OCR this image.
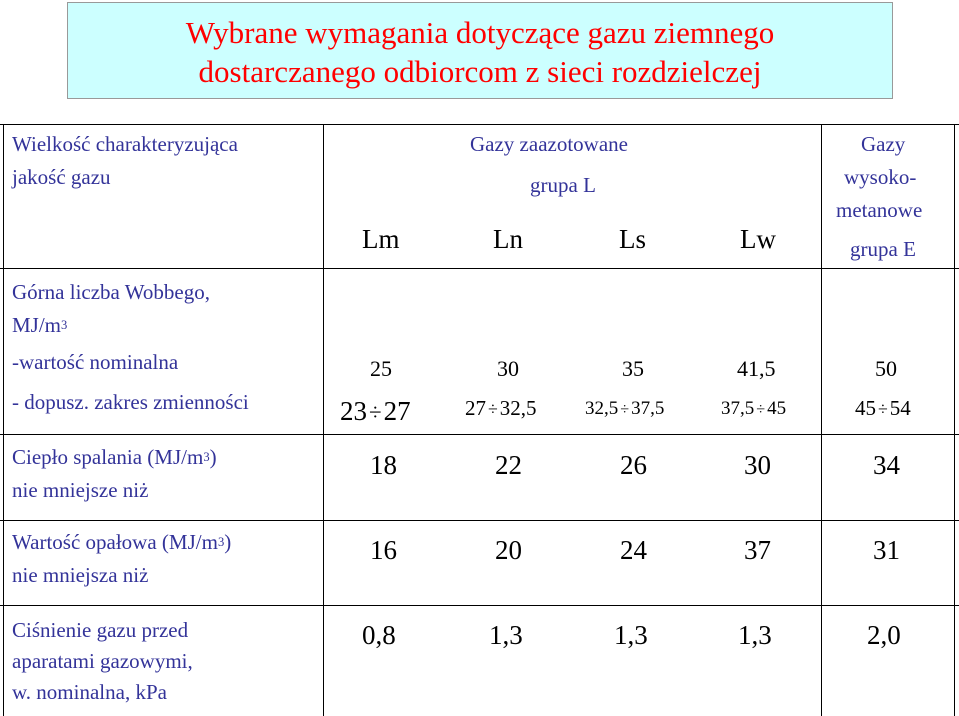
Wybrane wymagania dotyczące gazu ziemnego
dostarczanego odbiorcom z sieci rozdzielczej
Wielkość charakteryzująca
jakość gazu
Gazy zaazotowane
grupa L
Lm	Ln	Ls	Lw
Gazy
wysoko-
metanowe
grupa E
Górna liczba Wobbego,
$MJ/m^3$
-wartość nominalna
- dopusz. zakres zmienności
25	30	35	41,5	50
23÷27	27 ÷32,5	32,5 ÷ 37,5	37,5 ÷ 45	45 ÷54
Ciepło spalania $(MJ/m^3)$
nie mniejsze niż
18	22	26	30	34
Wartość opałowa $(MJ/m^3)$
nie mniejsza niż
16	20	24	37	31
Ciśnienie gazu przed
aparatami gazowymi,
w. nominalna, kPa
0,8	1,3	1,3	1,3	2,0
